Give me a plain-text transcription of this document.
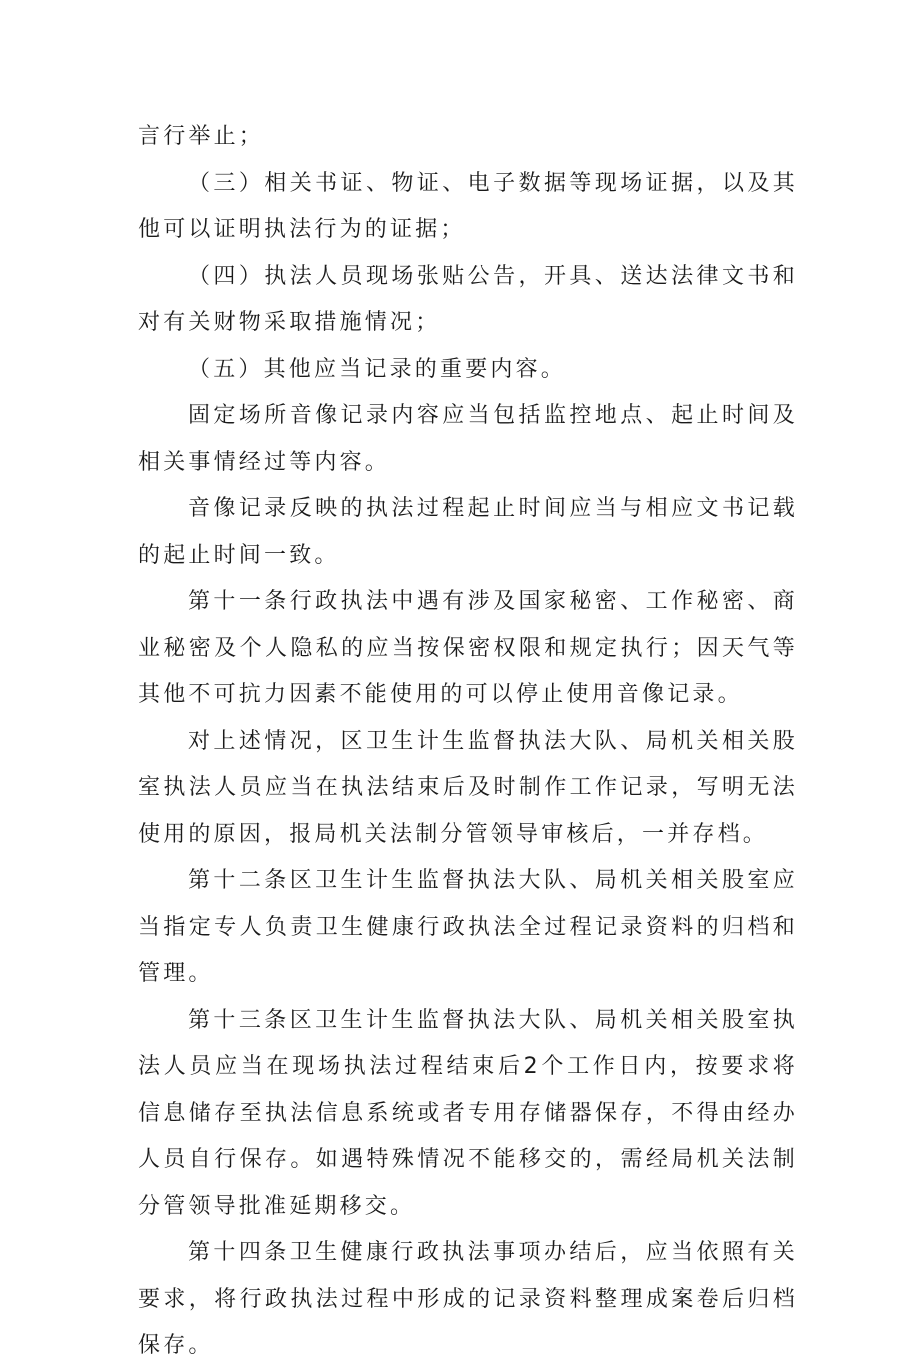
言行举止；

（三）相关书证、物证、电子数据等现场证据，以及其他可以证明执法行为的证据；

（四）执法人员现场张贴公告，开具、送达法律文书和对有关财物采取措施情况；

（五）其他应当记录的重要内容。

固定场所音像记录内容应当包括监控地点、起止时间及相关事情经过等内容。

音像记录反映的执法过程起止时间应当与相应文书记载的起止时间一致。

第十一条行政执法中遇有涉及国家秘密、工作秘密、商业秘密及个人隐私的应当按保密权限和规定执行；因天气等其他不可抗力因素不能使用的可以停止使用音像记录。

对上述情况，区卫生计生监督执法大队、局机关相关股室执法人员应当在执法结束后及时制作工作记录，写明无法使用的原因，报局机关法制分管领导审核后，一并存档。

第十二条区卫生计生监督执法大队、局机关相关股室应当指定专人负责卫生健康行政执法全过程记录资料的归档和管理。

第十三条区卫生计生监督执法大队、局机关相关股室执法人员应当在现场执法过程结束后2个工作日内，按要求将信息储存至执法信息系统或者专用存储器保存，不得由经办人员自行保存。如遇特殊情况不能移交的，需经局机关法制分管领导批准延期移交。

第十四条卫生健康行政执法事项办结后，应当依照有关要求，将行政执法过程中形成的记录资料整理成案卷后归档保存。
